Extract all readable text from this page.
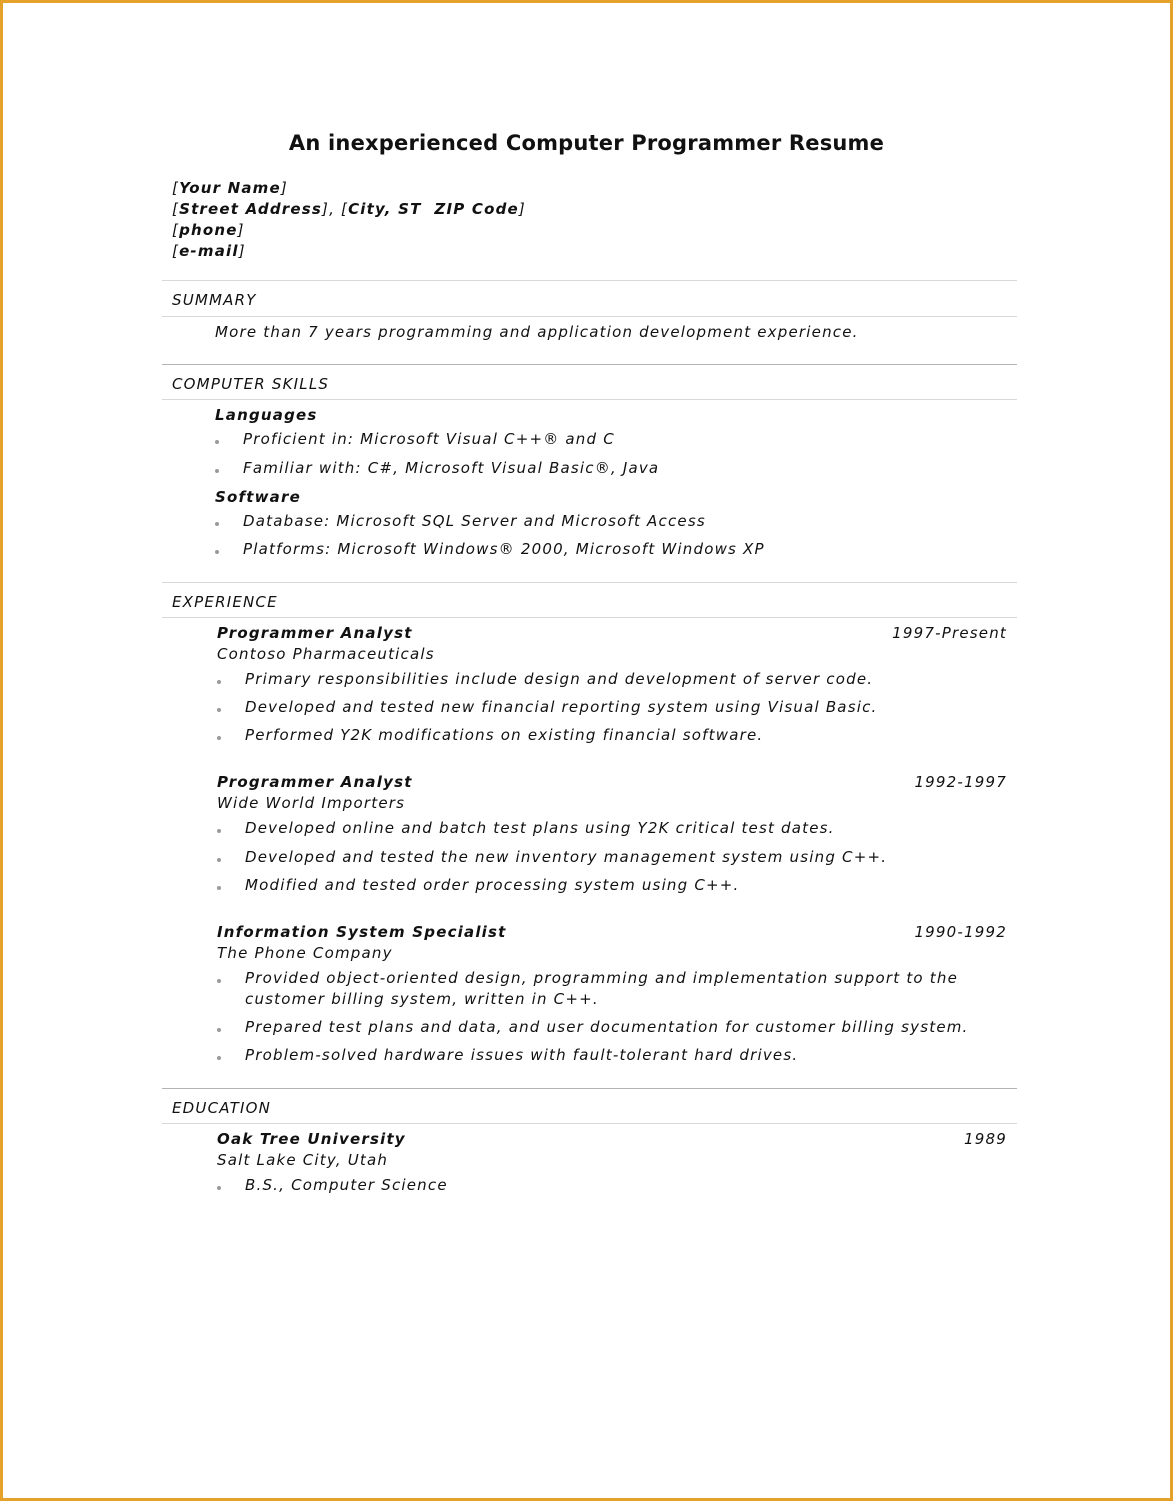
An inexperienced Computer Programmer Resume
[Your Name]
[Street Address], [City, ST  ZIP Code]
[phone]
[e-mail]
SUMMARY
More than 7 years programming and application development experience.
COMPUTER SKILLS
Languages
Proficient in: Microsoft Visual C++® and C
Familiar with: C#, Microsoft Visual Basic®, Java
Software
Database: Microsoft SQL Server and Microsoft Access
Platforms: Microsoft Windows® 2000, Microsoft Windows XP
EXPERIENCE
Programmer Analyst	1997-Present
Contoso Pharmaceuticals
Primary responsibilities include design and development of server code.
Developed and tested new financial reporting system using Visual Basic.
Performed Y2K modifications on existing financial software.
Programmer Analyst	1992-1997
Wide World Importers
Developed online and batch test plans using Y2K critical test dates.
Developed and tested the new inventory management system using C++.
Modified and tested order processing system using C++.
Information System Specialist	1990-1992
The Phone Company
Provided object-oriented design, programming and implementation support to the
customer billing system, written in C++.
Prepared test plans and data, and user documentation for customer billing system.
Problem-solved hardware issues with fault-tolerant hard drives.
EDUCATION
Oak Tree University	1989
Salt Lake City, Utah
B.S., Computer Science
